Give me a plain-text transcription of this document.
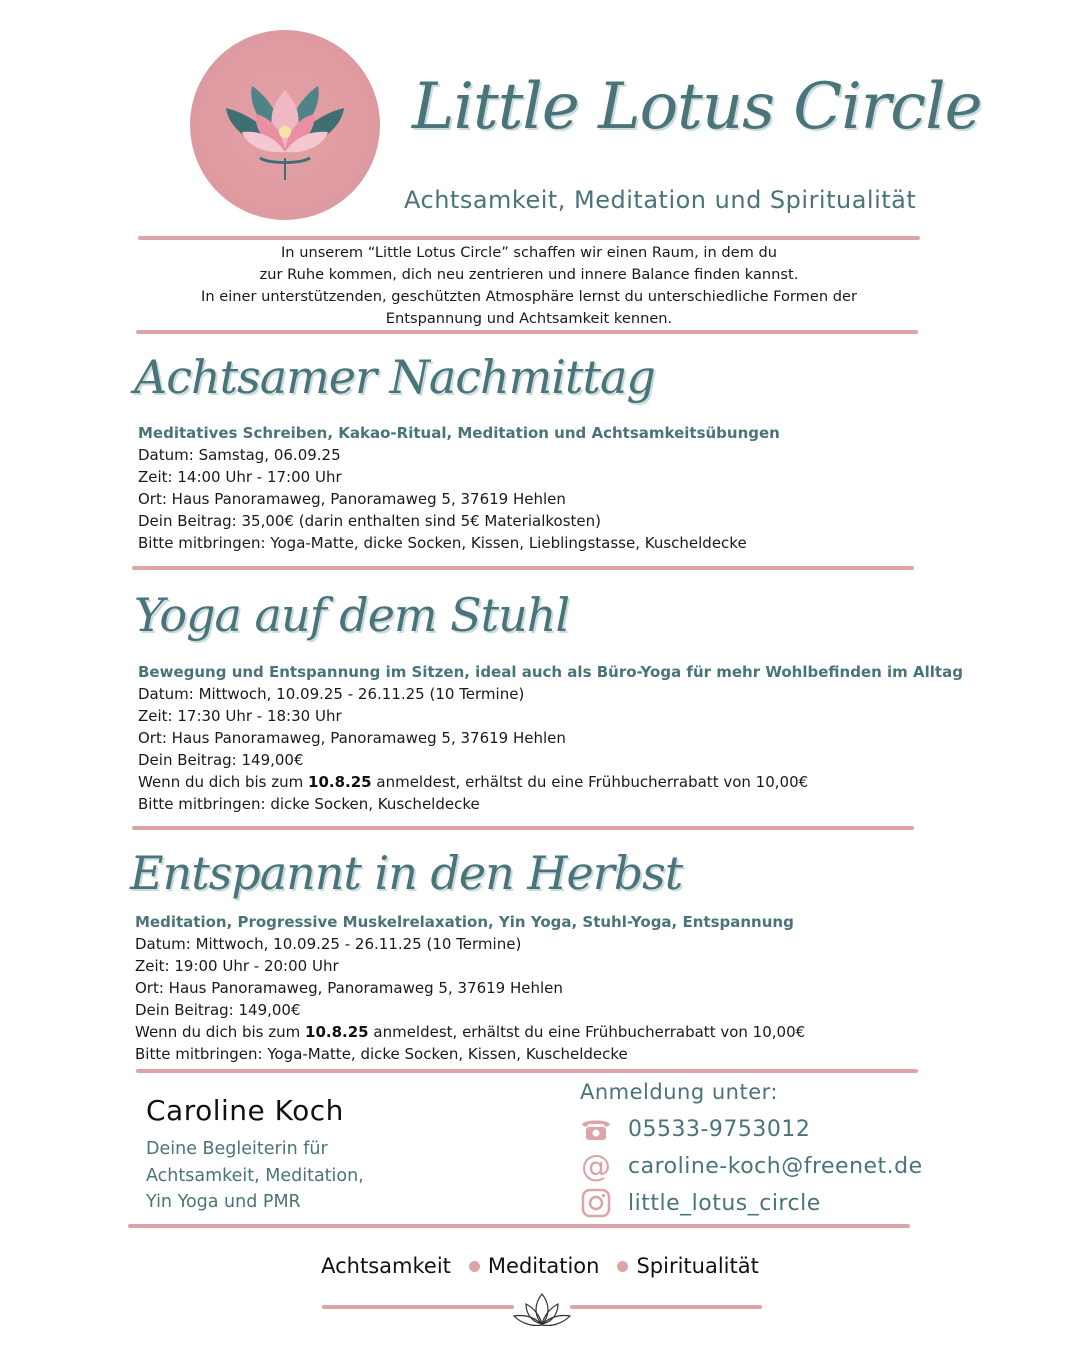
Little Lotus Circle
Achtsamkeit, Meditation und Spiritualität

In unserem “Little Lotus Circle” schaffen wir einen Raum, in dem du

zur Ruhe kommen, dich neu zentrieren und innere Balance finden kannst.

In einer unterstützenden, geschützten Atmosphäre lernst du unterschiedliche Formen der

Entspannung und Achtsamkeit kennen.

Achtsamer Nachmittag
Meditatives Schreiben, Kakao-Ritual, Meditation und Achtsamkeitsübungen
Datum: Samstag, 06.09.25
Zeit: 14:00 Uhr - 17:00 Uhr
Ort: Haus Panoramaweg, Panoramaweg 5, 37619 Hehlen
Dein Beitrag: 35,00€ (darin enthalten sind 5€ Materialkosten)
Bitte mitbringen: Yoga-Matte, dicke Socken, Kissen, Lieblingstasse, Kuscheldecke
Yoga auf dem Stuhl
Bewegung und Entspannung im Sitzen, ideal auch als Büro-Yoga für mehr Wohlbefinden im Alltag
Datum: Mittwoch, 10.09.25 - 26.11.25 (10 Termine)
Zeit: 17:30 Uhr - 18:30 Uhr
Ort: Haus Panoramaweg, Panoramaweg 5, 37619 Hehlen
Dein Beitrag: 149,00€
Wenn du dich bis zum 10.8.25 anmeldest, erhältst du eine Frühbucherrabatt von 10,00€
Bitte mitbringen: dicke Socken, Kuscheldecke
Entspannt in den Herbst
Meditation, Progressive Muskelrelaxation, Yin Yoga, Stuhl-Yoga, Entspannung
Datum: Mittwoch, 10.09.25 - 26.11.25 (10 Termine)
Zeit: 19:00 Uhr - 20:00 Uhr
Ort: Haus Panoramaweg, Panoramaweg 5, 37619 Hehlen
Dein Beitrag: 149,00€
Wenn du dich bis zum 10.8.25 anmeldest, erhältst du eine Frühbucherrabatt von 10,00€
Bitte mitbringen: Yoga-Matte, dicke Socken, Kissen, Kuscheldecke
Caroline Koch

Deine Begleiterin für

Achtsamkeit, Meditation,

Yin Yoga und PMR

Anmeldung unter:
05533-9753012
@ caroline-koch@freenet.de
little_lotus_circle
Achtsamkeit Meditation Spiritualität
